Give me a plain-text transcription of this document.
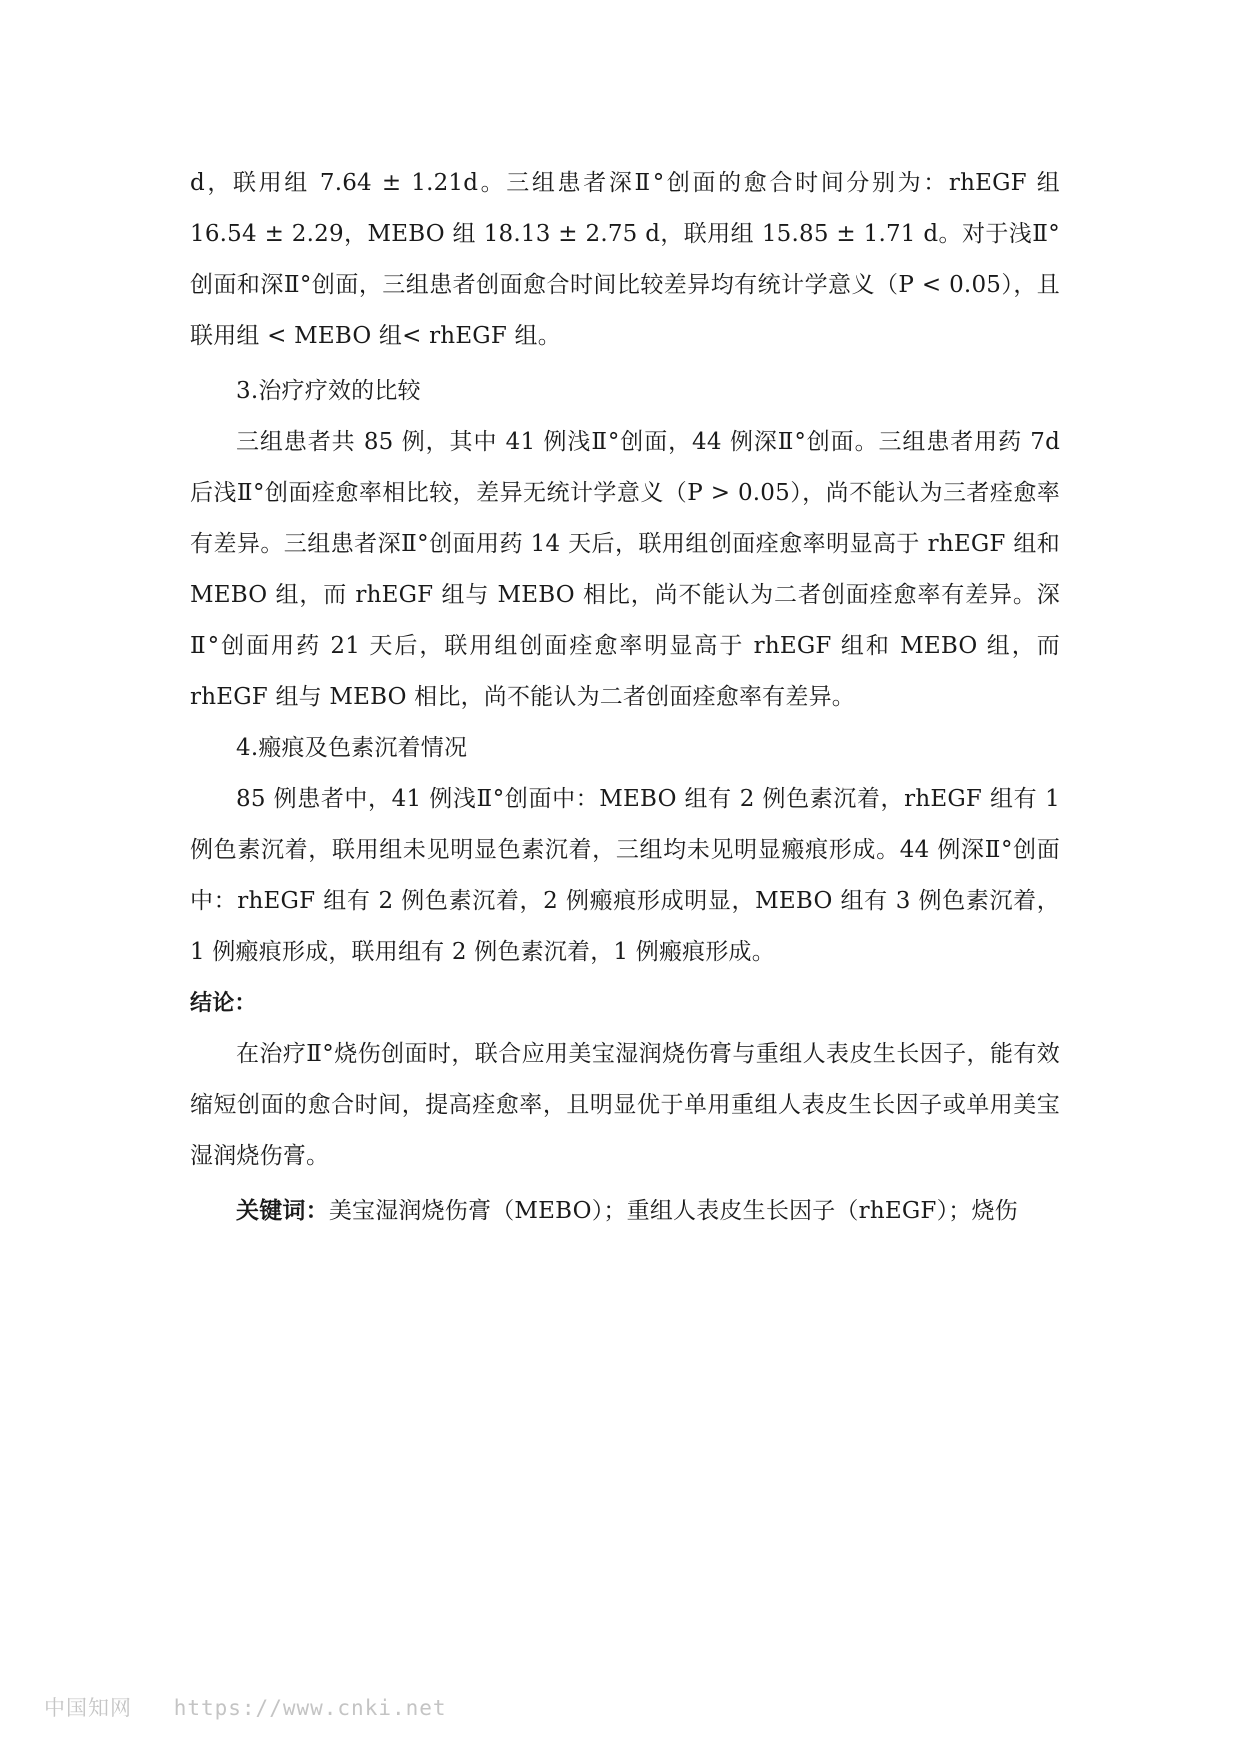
d，联用组 7.64 ± 1.21d。三组患者深Ⅱ°创面的愈合时间分别为：rhEGF 组 16.54 ± 2.29，MEBO 组 18.13 ± 2.75 d，联用组 15.85 ± 1.71 d。对于浅Ⅱ°创面和深Ⅱ°创面，三组患者创面愈合时间比较差异均有统计学意义（P < 0.05），且联用组 < MEBO 组< rhEGF 组。

3.治疗疗效的比较

三组患者共 85 例，其中 41 例浅Ⅱ°创面，44 例深Ⅱ°创面。三组患者用药 7d 后浅Ⅱ°创面痊愈率相比较，差异无统计学意义（P > 0.05），尚不能认为三者痊愈率有差异。三组患者深Ⅱ°创面用药 14 天后，联用组创面痊愈率明显高于 rhEGF 组和 MEBO 组，而 rhEGF 组与 MEBO 相比，尚不能认为二者创面痊愈率有差异。深Ⅱ°创面用药 21 天后，联用组创面痊愈率明显高于 rhEGF 组和 MEBO 组，而 rhEGF 组与 MEBO 相比，尚不能认为二者创面痊愈率有差异。

4.瘢痕及色素沉着情况

85 例患者中，41 例浅Ⅱ°创面中：MEBO 组有 2 例色素沉着，rhEGF 组有 1 例色素沉着，联用组未见明显色素沉着，三组均未见明显瘢痕形成。44 例深Ⅱ°创面中：rhEGF 组有 2 例色素沉着，2 例瘢痕形成明显，MEBO 组有 3 例色素沉着，1 例瘢痕形成，联用组有 2 例色素沉着，1 例瘢痕形成。

结论：

在治疗Ⅱ°烧伤创面时，联合应用美宝湿润烧伤膏与重组人表皮生长因子，能有效缩短创面的愈合时间，提高痊愈率，且明显优于单用重组人表皮生长因子或单用美宝湿润烧伤膏。

关键词：美宝湿润烧伤膏（MEBO）；重组人表皮生长因子（rhEGF）；烧伤

中国知网 https://www.cnki.net
